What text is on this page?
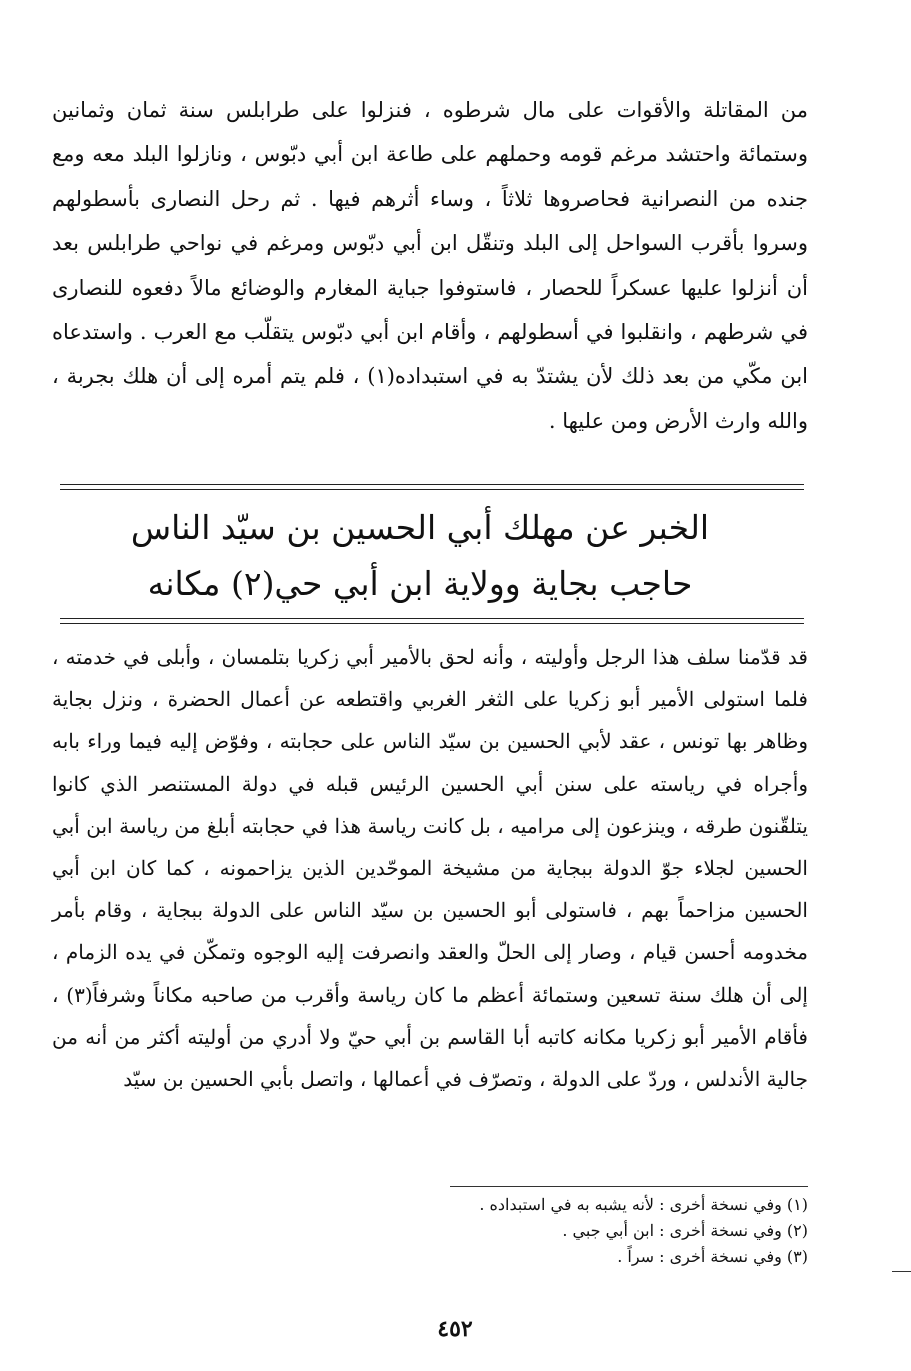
من المقاتلة والأقوات على مال شرطوه ، فنزلوا على طرابلس سنة ثمان وثمانين وستمائة واحتشد مرغم قومه وحملهم على طاعة ابن أبي دبّوس ، ونازلوا البلد معه ومع جنده من النصرانية فحاصروها ثلاثاً ، وساء أثرهم فيها . ثم رحل النصارى بأسطولهم وسروا بأقرب السواحل إلى البلد وتنقّل ابن أبي دبّوس ومرغم في نواحي طرابلس بعد أن أنزلوا عليها عسكراً للحصار ، فاستوفوا جباية المغارم والوضائع مالاً دفعوه للنصارى في شرطهم ، وانقلبوا في أسطولهم ، وأقام ابن أبي دبّوس يتقلّب مع العرب . واستدعاه ابن مكّي من بعد ذلك لأن يشتدّ به في استبداده(١) ، فلم يتم أمره إلى أن هلك بجربة ، والله وارث الأرض ومن عليها .

الخبر عن مهلك أبي الحسين بن سيّد الناس

حاجب بجاية وولاية ابن أبي حي(٢) مكانه

قد قدّمنا سلف هذا الرجل وأوليته ، وأنه لحق بالأمير أبي زكريا بتلمسان ، وأبلى في خدمته ، فلما استولى الأمير أبو زكريا على الثغر الغربي واقتطعه عن أعمال الحضرة ، ونزل بجاية وظاهر بها تونس ، عقد لأبي الحسين بن سيّد الناس على حجابته ، وفوّض إليه فيما وراء بابه وأجراه في رياسته على سنن أبي الحسين الرئيس قبله في دولة المستنصر الذي كانوا يتلقّنون طرقه ، وينزعون إلى مراميه ، بل كانت رياسة هذا في حجابته أبلغ من رياسة ابن أبي الحسين لجلاء جوّ الدولة ببجاية من مشيخة الموحّدين الذين يزاحمونه ، كما كان ابن أبي الحسين مزاحماً بهم ، فاستولى أبو الحسين بن سيّد الناس على الدولة ببجاية ، وقام بأمر مخدومه أحسن قيام ، وصار إلى الحلّ والعقد وانصرفت إليه الوجوه وتمكّن في يده الزمام ، إلى أن هلك سنة تسعين وستمائة أعظم ما كان رياسة وأقرب من صاحبه مكاناً وشرفاً(٣) ، فأقام الأمير أبو زكريا مكانه كاتبه أبا القاسم بن أبي حيّ ولا أدري من أوليته أكثر من أنه من جالية الأندلس ، وردّ على الدولة ، وتصرّف في أعمالها ، واتصل بأبي الحسين بن سيّد

(١) وفي نسخة أخرى : لأنه يشبه به في استبداده .
(٢) وفي نسخة أخرى : ابن أبي جبي .
(٣) وفي نسخة أخرى : سراً .
٤٥٢
